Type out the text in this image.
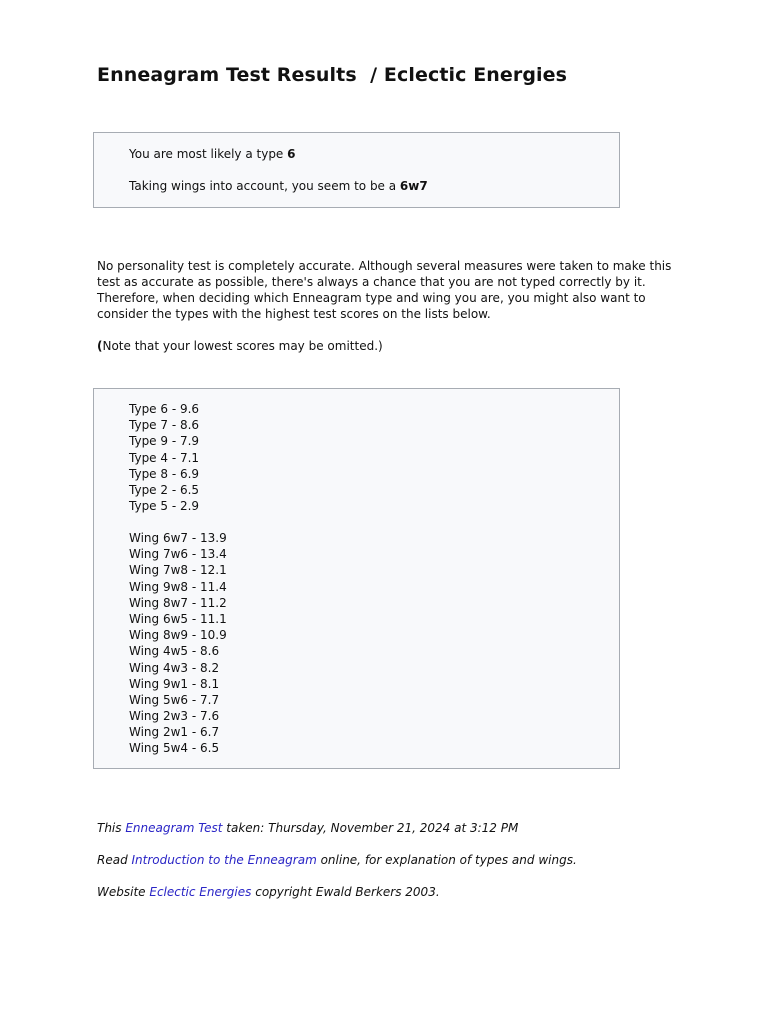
Enneagram Test Results  / Eclectic Energies
You are most likely a type 6
Taking wings into account, you seem to be a 6w7

No personality test is completely accurate. Although several measures were taken to make this test as accurate as possible, there's always a chance that you are not typed correctly by it. Therefore, when deciding which Enneagram type and wing you are, you might also want to consider the types with the highest test scores on the lists below.

(Note that your lowest scores may be omitted.)

Type 6 - 9.6
Type 7 - 8.6
Type 9 - 7.9
Type 4 - 7.1
Type 8 - 6.9
Type 2 - 6.5
Type 5 - 2.9
Wing 6w7 - 13.9
Wing 7w6 - 13.4
Wing 7w8 - 12.1
Wing 9w8 - 11.4
Wing 8w7 - 11.2
Wing 6w5 - 11.1
Wing 8w9 - 10.9
Wing 4w5 - 8.6
Wing 4w3 - 8.2
Wing 9w1 - 8.1
Wing 5w6 - 7.7
Wing 2w3 - 7.6
Wing 2w1 - 6.7
Wing 5w4 - 6.5

This Enneagram Test taken: Thursday, November 21, 2024 at 3:12 PM

Read Introduction to the Enneagram online, for explanation of types and wings.

Website Eclectic Energies copyright Ewald Berkers 2003.
